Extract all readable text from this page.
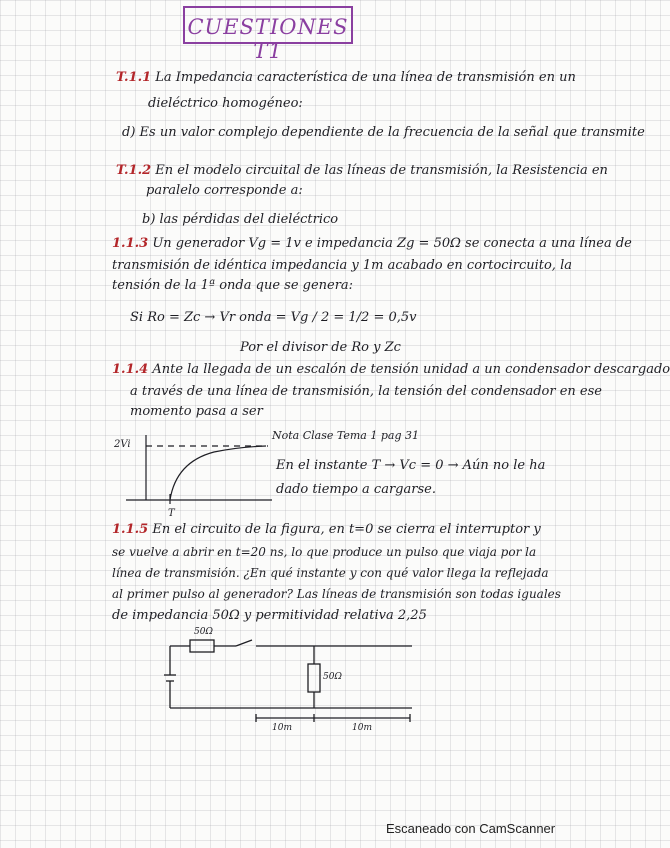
CUESTIONES T1
T.1.1 La Impedancia característica de una línea de transmisión en un
dieléctrico homogéneo:
d) Es un valor complejo dependiente de la frecuencia de la señal que transmite
T.1.2 En el modelo circuital de las líneas de transmisión, la Resistencia en
paralelo corresponde a:
b) las pérdidas del dieléctrico
1.1.3 Un generador Vg = 1v e impedancia Zg = 50Ω se conecta a una línea de
transmisión de idéntica impedancia y 1m acabado en cortocircuito, la
tensión de la 1ª onda que se genera:
Si Ro = Zc → Vr onda = Vg / 2 = 1/2 = 0,5v
Por el divisor de Ro y Zc
1.1.4 Ante la llegada de un escalón de tensión unidad a un condensador descargado
a través de una línea de transmisión, la tensión del condensador en ese
momento pasa a ser
Nota Clase Tema 1 pag 31
2Vi
T
En el instante T → Vc = 0 → Aún no le ha
dado tiempo a cargarse.
1.1.5 En el circuito de la figura, en t=0 se cierra el interruptor y
se vuelve a abrir en t=20 ns, lo que produce un pulso que viaja por la
línea de transmisión. ¿En qué instante y con qué valor llega la reflejada
al primer pulso al generador? Las líneas de transmisión son todas iguales
de impedancia 50Ω y permitividad relativa 2,25
50Ω
50Ω
10m	10m
Escaneado con CamScanner
